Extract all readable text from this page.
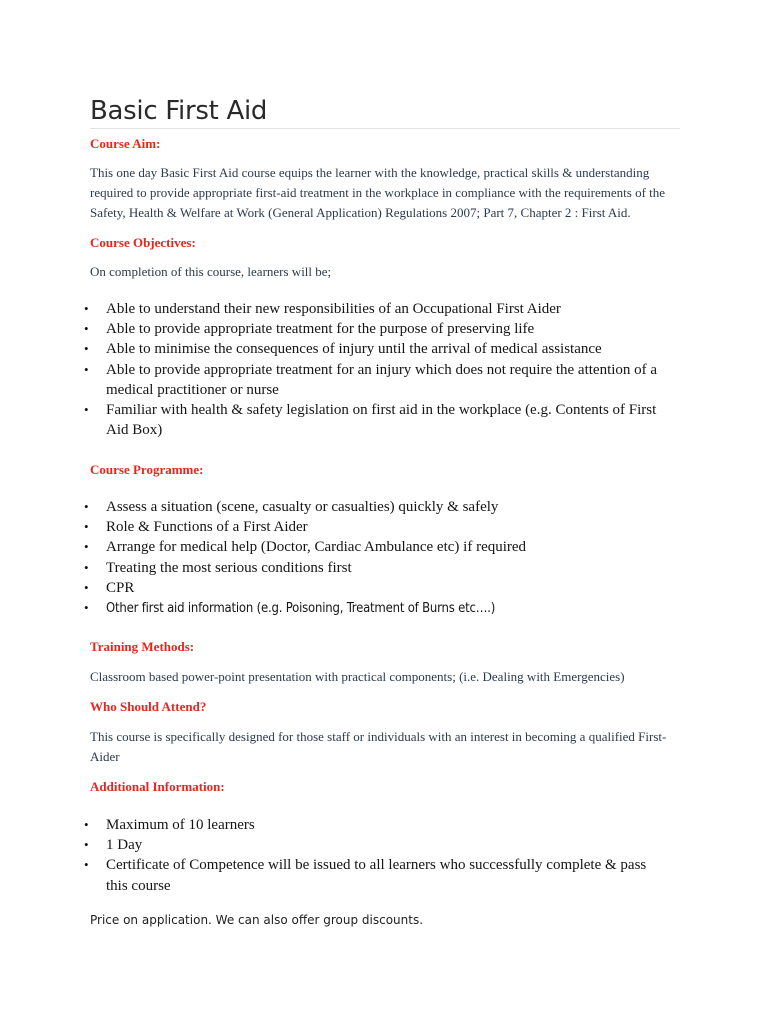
Basic First Aid

Course Aim:

This one day Basic First Aid course equips the learner with the knowledge, practical skills & understanding required to provide appropriate first-aid treatment in the workplace in compliance with the requirements of the Safety, Health & Welfare at Work (General Application) Regulations 2007; Part 7, Chapter 2 : First Aid.

Course Objectives:

On completion of this course, learners will be;

•	Able to understand their new responsibilities of an Occupational First Aider
•	Able to provide appropriate treatment for the purpose of preserving life
•	Able to minimise the consequences of injury until the arrival of medical assistance
•	Able to provide appropriate treatment for an injury which does not require the attention of a medical practitioner or nurse
•	Familiar with health & safety legislation on first aid in the workplace (e.g. Contents of First Aid Box)

Course Programme:

•	Assess a situation (scene, casualty or casualties) quickly & safely
•	Role & Functions of a First Aider
•	Arrange for medical help (Doctor, Cardiac Ambulance etc) if required
•	Treating the most serious conditions first
•	CPR
•	Other first aid information (e.g. Poisoning, Treatment of Burns etc….)

Training Methods:

Classroom based power-point presentation with practical components; (i.e. Dealing with Emergencies)

Who Should Attend?

This course is specifically designed for those staff or individuals with an interest in becoming a qualified First-Aider

Additional Information:

•	Maximum of 10 learners
•	1 Day
•	Certificate of Competence will be issued to all learners who successfully complete & pass this course

Price on application. We can also offer group discounts.
